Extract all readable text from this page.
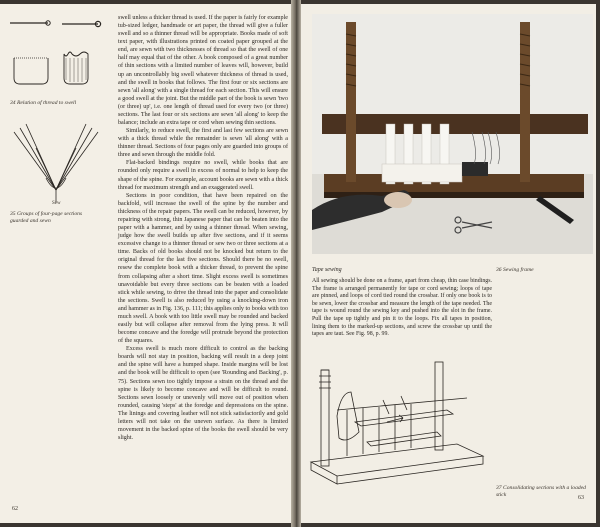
34 Relation of thread to swell
Sew
35 Groups of four-page sections guarded and sewn

swell unless a thicker thread is used. If the paper is fairly for example tub-sized ledger, handmade or art paper, the thread will give a fuller swell and so a thinner thread will be appropriate. Books made of soft text paper, with illustrations printed on coated paper grouped at the end, are sewn with two thicknesses of thread so that the swell of one half may equal that of the other. A book composed of a great number of thin sections with a limited number of leaves will, however, build up an uncontrollably big swell whatever thickness of thread is used, and the swell in books that follows. The first four or six sections are sewn 'all along' with a single thread for each section. This will ensure a good swell at the joint. But the middle part of the book is sewn 'two (or three) up', i.e. one length of thread used for every two (or three) sections. The last four or six sections are sewn 'all along' to keep the balance; include an extra tape or cord when sewing thin sections.

Similarly, to reduce swell, the first and last few sections are sewn with a thick thread while the remainder is sewn 'all along' with a thinner thread. Sections of four pages only are guarded into groups of three and sewn through the middle fold.

Flat-backed bindings require no swell, while books that are rounded only require a swell in excess of normal to help to keep the shape of the spine. For example, account books are sewn with a thick thread for maximum strength and an exaggerated swell.

Sections in poor condition, that have been repaired on the backfold, will increase the swell of the spine by the number and thickness of the repair papers. The swell can be reduced, however, by repairing with strong, thin Japanese paper that can be beaten into the paper with a hammer, and by using a thinner thread. When sewing, judge how the swell builds up after five sections, and if it seems excessive change to a thinner thread or sew two or three sections at a time. Backs of old books should not be knocked but return to the original thread for the last five sections. Should there be no swell, resew the complete book with a thicker thread, to prevent the spine from collapsing after a short time. Slight excess swell is sometimes unavoidable but every three sections can be beaten with a loaded stick while sewing, to drive the thread into the paper and consolidate the sections. Swell is also reduced by using a knocking-down iron and hammer as in Fig. 136, p. 111; this applies only to books with too much swell. A book with too little swell may be rounded and backed easily but will collapse after removal from the lying press. It will become concave and the foredge will protrude beyond the protection of the squares.

Excess swell is much more difficult to control as the backing boards will not stay in position, backing will result in a deep joint and the spine will have a humped shape. Inside margins will be lost and the book will be difficult to open (see 'Rounding and Backing', p. 75). Sections sewn too tightly impose a strain on the thread and the spine is likely to become concave and will be difficult to round. Sections sewn loosely or unevenly will move out of position when rounded, causing 'steps' at the foredge and depressions on the spine. The linings and covering leather will not stick satisfactorily and gold letters will not take on the uneven surface. As there is limited movement in the backed spine of the books the swell should be very slight.

62
Tape sewing	36 Sewing frame
All sewing should be done on a frame, apart from cheap, thin case bindings. The frame is arranged permanently for tape or cord sewing; loops of tape are pinned, and loops of cord tied round the crossbar. If only one book is to be sewn, lower the crossbar and measure the length of the tape needed. The tape is wound round the sewing key and pushed into the slot in the frame. Pull the tape up tightly and pin it to the loops. Fix all tapes in position, lining them to the marked-up sections, and screw the crossbar up until the tapes are taut. See Fig. 98, p. 99.
37 Consolidating sections with a loaded stick	63
